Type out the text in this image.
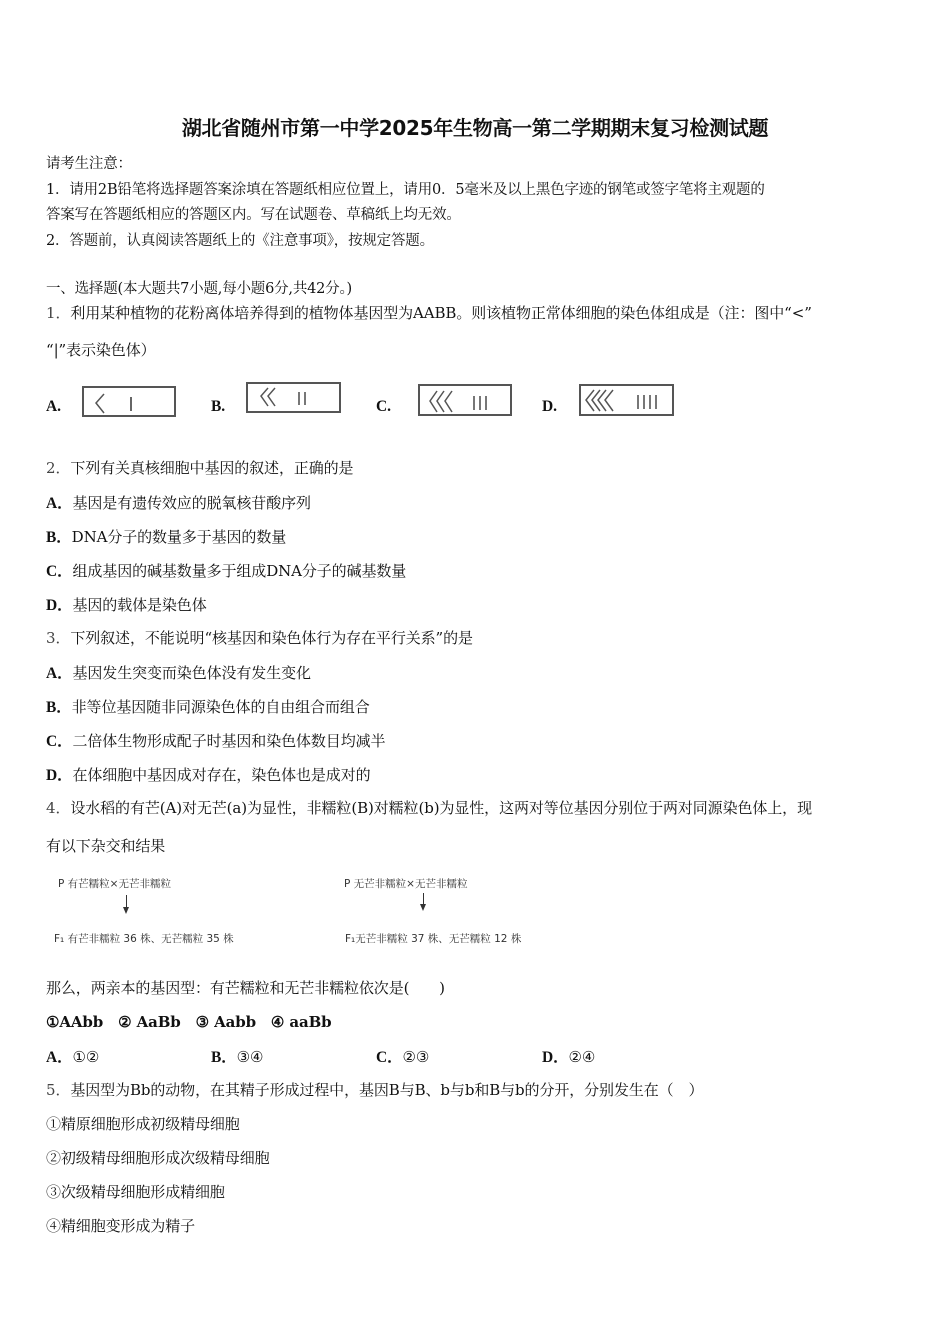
湖北省随州市第一中学2025年生物高一第二学期期末复习检测试题
请考生注意：
1．请用2B铅笔将选择题答案涂填在答题纸相应位置上，请用0．5毫米及以上黑色字迹的钢笔或签字笔将主观题的
答案写在答题纸相应的答题区内。写在试题卷、草稿纸上均无效。
2．答题前，认真阅读答题纸上的《注意事项》，按规定答题。
一、选择题(本大题共7小题,每小题6分,共42分。)
1．利用某种植物的花粉离体培养得到的植物体基因型为AABB。则该植物正常体细胞的染色体组成是（注：图中“<”
“|”表示染色体）
A.	B.	C.	D.
2．下列有关真核细胞中基因的叙述，正确的是
A．基因是有遗传效应的脱氧核苷酸序列
B．DNA分子的数量多于基因的数量
C．组成基因的碱基数量多于组成DNA分子的碱基数量
D．基因的载体是染色体
3．下列叙述，不能说明“核基因和染色体行为存在平行关系”的是
A．基因发生突变而染色体没有发生变化
B．非等位基因随非同源染色体的自由组合而组合
C．二倍体生物形成配子时基因和染色体数目均减半
D．在体细胞中基因成对存在，染色体也是成对的
4．设水稻的有芒(A)对无芒(a)为显性，非糯粒(B)对糯粒(b)为显性，这两对等位基因分别位于两对同源染色体上，现
有以下杂交和结果
P 有芒糯粒×无芒非糯粒
F₁ 有芒非糯粒 36 株、无芒糯粒 35 株
P 无芒非糯粒×无芒非糯粒
F₁无芒非糯粒 37 株、无芒糯粒 12 株
那么，两亲本的基因型：有芒糯粒和无芒非糯粒依次是(　　)
①AAbb　② AaBb　③ Aabb　④ aaBb
A．①②	B．③④	C．②③	D．②④
5．基因型为Bb的动物，在其精子形成过程中，基因B与B、b与b和B与b的分开，分别发生在（　）
①精原细胞形成初级精母细胞
②初级精母细胞形成次级精母细胞
③次级精母细胞形成精细胞
④精细胞变形成为精子
